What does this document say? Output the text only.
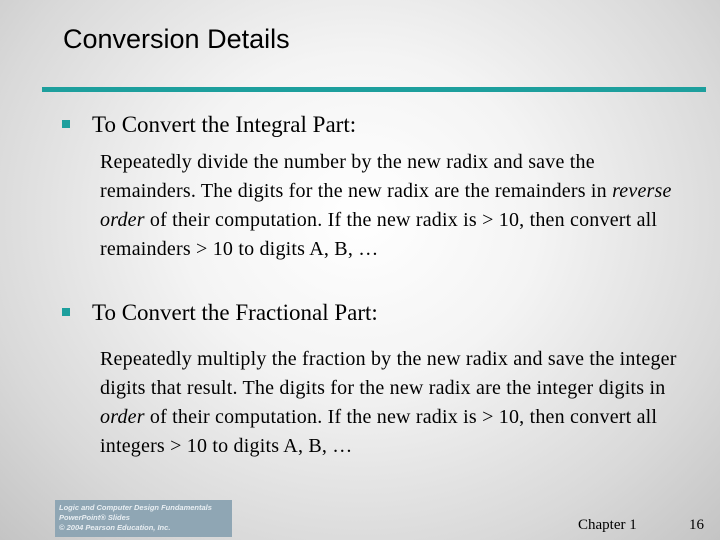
Conversion Details
To Convert the Integral Part:
Repeatedly divide the number by the new radix and save the remainders. The digits for the new radix are the remainders in reverse order of their computation. If the new radix is > 10, then convert all remainders > 10 to digits A, B, …
To Convert the Fractional Part:
Repeatedly multiply the fraction by the new radix and save the integer digits that result. The digits for the new radix are the integer digits in order of their computation. If the new radix is > 10, then convert all integers > 10 to digits A, B, …
Logic and Computer Design Fundamentals
PowerPoint® Slides
© 2004 Pearson Education, Inc.	Chapter 1	16
